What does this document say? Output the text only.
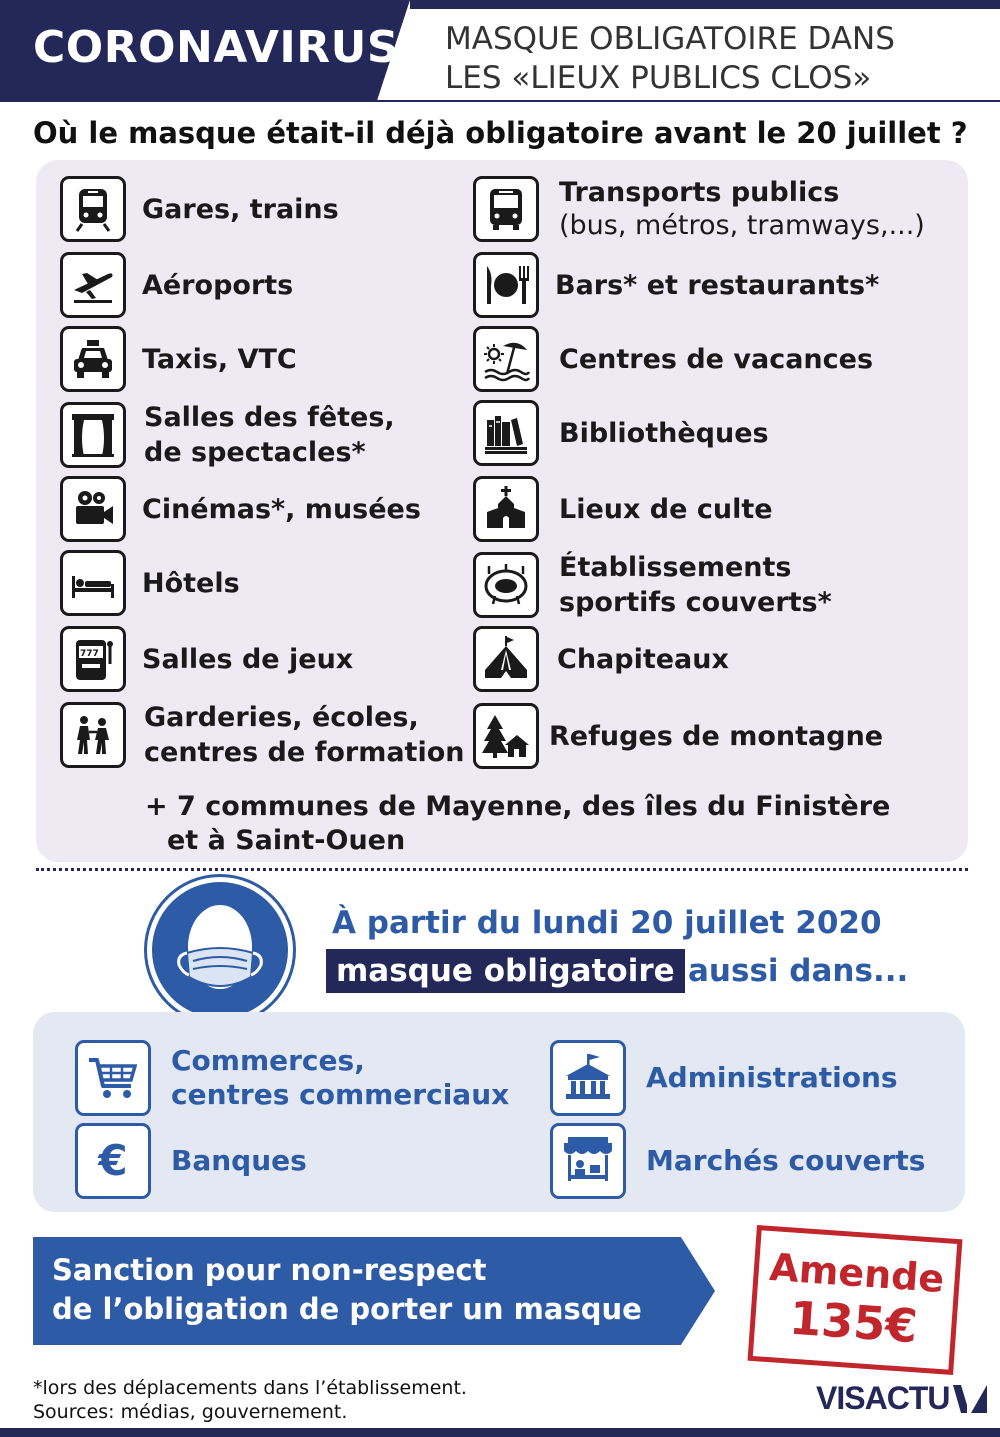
CORONAVIRUS MASQUE OBLIGATOIRE DANS
LES «LIEUX PUBLICS CLOS»
Où le masque était-il déjà obligatoire avant le 20 juillet ?
Gares, trains
Aéroports
Taxis, VTC
Salles des fêtes,
de spectacles*
Cinémas*, musées
Hôtels
777 Salles de jeux
Garderies, écoles,
centres de formation
Transports publics
(bus, métros, tramways,...)
Bars* et restaurants*
Centres de vacances
Bibliothèques
Lieux de culte
Établissements
sportifs couverts*
Chapiteaux
Refuges de montagne
+ 7 communes de Mayenne, des îles du Finistère
et à Saint-Ouen
À partir du lundi 20 juillet 2020
masque obligatoire aussi dans...
Commerces,
centres commerciaux
€ Banques
Administrations
Marchés couverts
Sanction pour non-respect
de l’obligation de porter un masque
Amende
135€
*lors des déplacements dans l’établissement.
Sources: médias, gouvernement.	VISACTU
